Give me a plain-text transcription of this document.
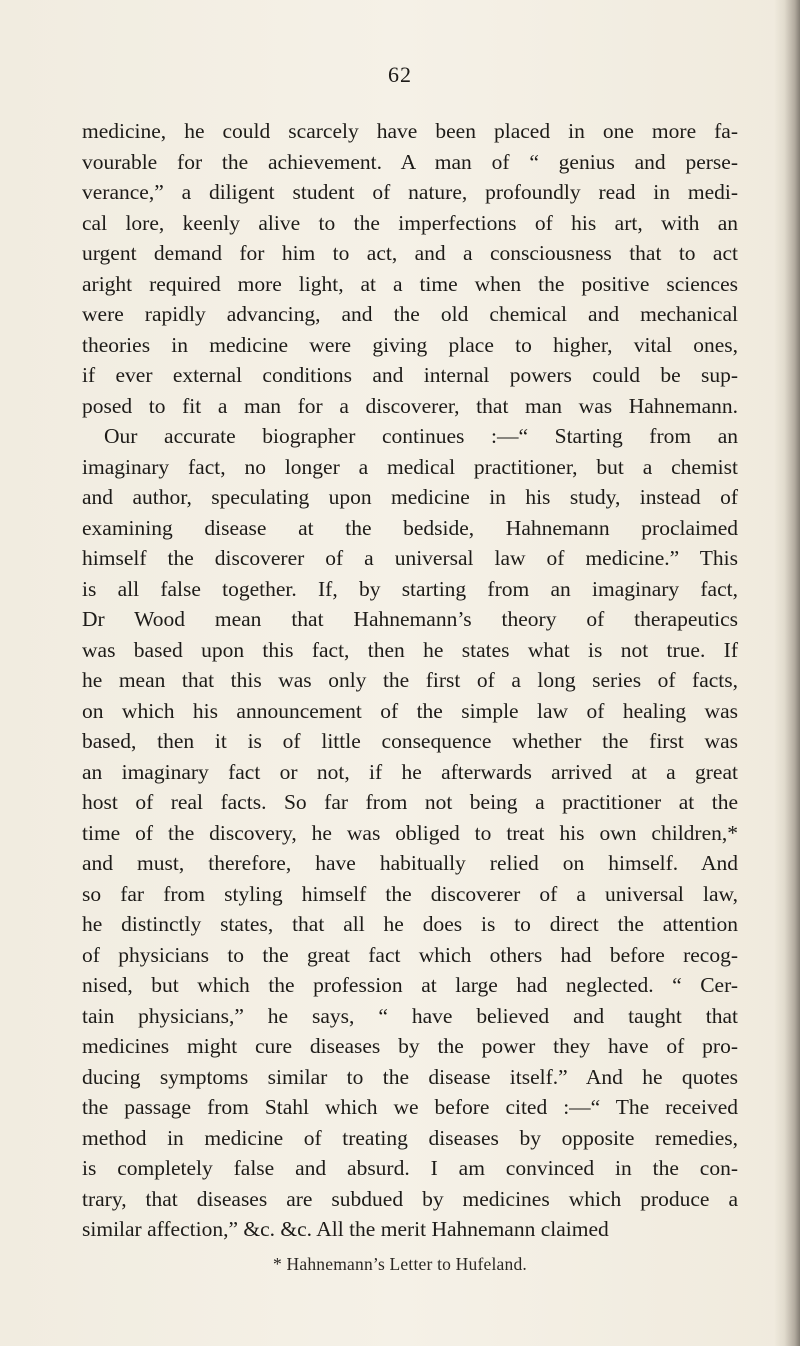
62
medicine, he could scarcely have been placed in one more fa-
vourable for the achievement. A man of “ genius and perse-
verance,” a diligent student of nature, profoundly read in medi-
cal lore, keenly alive to the imperfections of his art, with an
urgent demand for him to act, and a consciousness that to act
aright required more light, at a time when the positive sciences
were rapidly advancing, and the old chemical and mechanical
theories in medicine were giving place to higher, vital ones,
if ever external conditions and internal powers could be sup-
posed to fit a man for a discoverer, that man was Hahnemann.
Our accurate biographer continues :—“ Starting from an
imaginary fact, no longer a medical practitioner, but a chemist
and author, speculating upon medicine in his study, instead of
examining disease at the bedside, Hahnemann proclaimed
himself the discoverer of a universal law of medicine.” This
is all false together. If, by starting from an imaginary fact,
Dr Wood mean that Hahnemann’s theory of therapeutics
was based upon this fact, then he states what is not true. If
he mean that this was only the first of a long series of facts,
on which his announcement of the simple law of healing was
based, then it is of little consequence whether the first was
an imaginary fact or not, if he afterwards arrived at a great
host of real facts. So far from not being a practitioner at the
time of the discovery, he was obliged to treat his own children,*
and must, therefore, have habitually relied on himself. And
so far from styling himself the discoverer of a universal law,
he distinctly states, that all he does is to direct the attention
of physicians to the great fact which others had before recog-
nised, but which the profession at large had neglected. “ Cer-
tain physicians,” he says, “ have believed and taught that
medicines might cure diseases by the power they have of pro-
ducing symptoms similar to the disease itself.” And he quotes
the passage from Stahl which we before cited :—“ The received
method in medicine of treating diseases by opposite remedies,
is completely false and absurd. I am convinced in the con-
trary, that diseases are subdued by medicines which produce a
similar affection,” &c. &c. All the merit Hahnemann claimed
* Hahnemann’s Letter to Hufeland.
